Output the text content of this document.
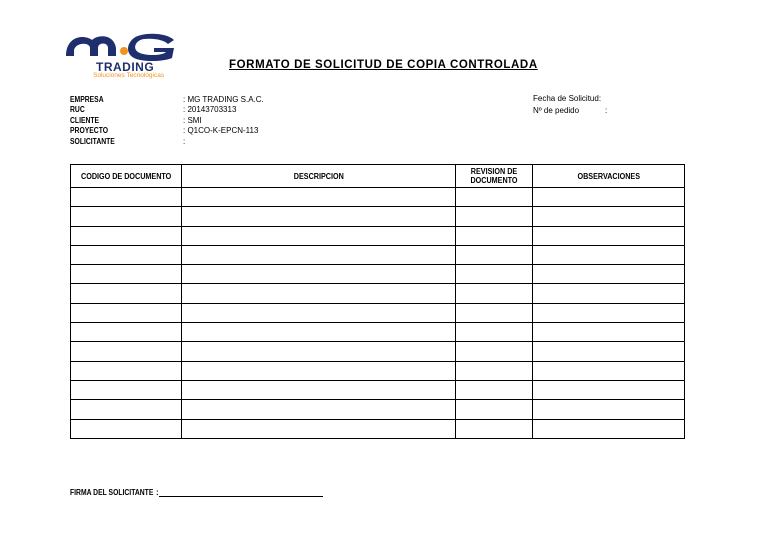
TRADING
Soluciones Tecnológicas
FORMATO DE SOLICITUD DE COPIA CONTROLADA
EMPRESA	: MG TRADING S.A.C.
RUC	: 20143703313
CLIENTE	: SMI
PROYECTO	: Q1CO-K-EPCN-113
SOLICITANTE	:
Fecha de Solicitud:
Nº de pedido	:
CODIGO DE DOCUMENTO	DESCRIPCION	REVISION DE DOCUMENTO	OBSERVACIONES

FIRMA DEL SOLICITANTE :
